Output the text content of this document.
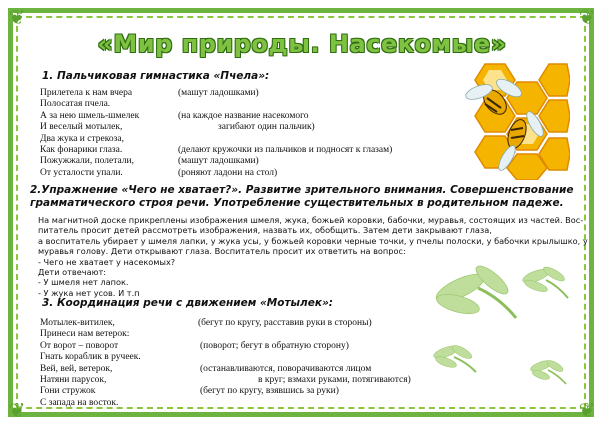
❦	❦
❦	❦
«Мир природы. Насекомые»
1. Пальчиковая гимнастика «Пчела»:
Прилетела к нам вчера	(машут ладошками)
Полосатая пчела.
А за нею шмель-шмелек	(на каждое название насекомого
И веселый мотылек,	загибают один пальчик)
Два жука и стрекоза,
Как фонарики глаза.	(делают кружочки из пальчиков и подносят к глазам)
Пожужжали, полетали,	(машут ладошками)
От усталости упали.	(роняют ладони на стол)
2.Упражнение «Чего не хватает?». Развитие зрительного внимания. Совершенствование
грамматического строя речи. Употребление существительных в родительном падеже.
На магнитной доске прикреплены изображения шмеля, жука, божьей коровки, бабочки, муравья, состоящих из частей. Вос-
питатель просит детей рассмотреть изображения, назвать их, обобщить. Затем дети закрывают глаза,
а воспитатель убирает у шмеля лапки, у жука усы, у божьей коровки черные точки, у пчелы полоски, у бабочки крылышко, у
муравья голову. Дети открывают глаза. Воспитатель просит их ответить на вопрос:
- Чего не хватает у насекомых?
Дети отвечают:
- У шмеля нет лапок.
- У жука нет усов. И т.п
3. Координация речи с движением «Мотылек»:
Мотылек-витилек,	(бегут по кругу, расставив руки в стороны)
Принеси нам ветерок:
От ворот – поворот	(поворот; бегут в обратную сторону)
Гнать кораблик в ручеек.
Вей, вей, ветерок,	(останавливаются, поворачиваются лицом
Натяни парусок,	в круг; взмахи руками, потягиваются)
Гони стружок	(бегут по кругу, взявшись за руки)
С запада на восток.
